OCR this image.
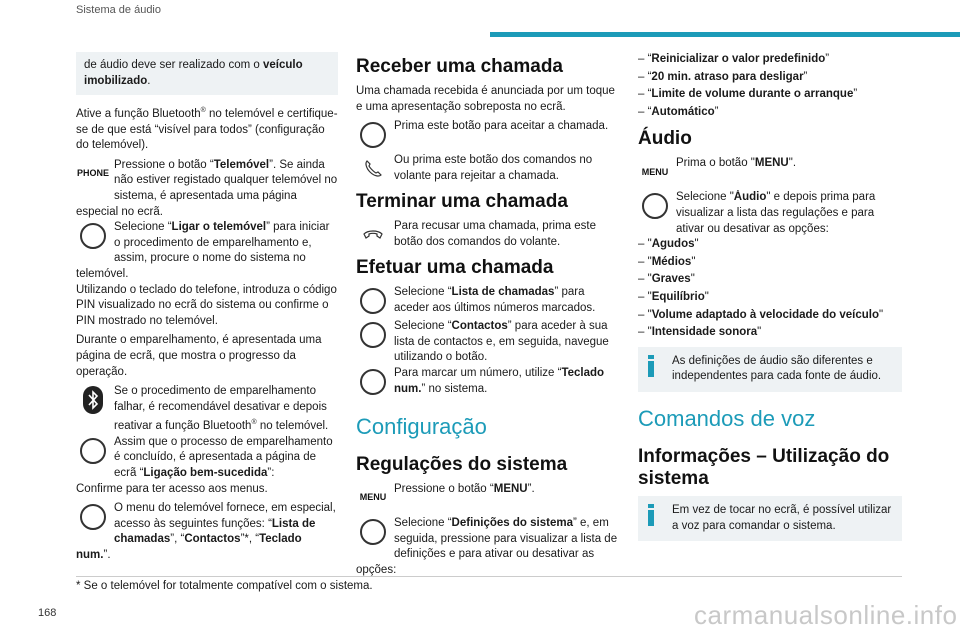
Sistema de áudio
de áudio deve ser realizado com o veículo imobilizado.

Ative a função Bluetooth® no telemóvel e certifique-se de que está “visível para todos” (configuração do telemóvel).

PHONE
Pressione o botão “Telemóvel”. Se ainda não estiver registado qualquer telemóvel no sistema, é apresentada uma página especial no ecrã.
Selecione “Ligar o telemóvel” para iniciar o procedimento de emparelhamento e, assim, procure o nome do sistema no telemóvel.

Utilizando o teclado do telefone, introduza o código PIN visualizado no ecrã do sistema ou confirme o PIN mostrado no telemóvel.

Durante o emparelhamento, é apresentada uma página de ecrã, que mostra o progresso da operação.

Se o procedimento de emparelhamento falhar, é recomendável desativar e depois reativar a função Bluetooth® no telemóvel.
Assim que o processo de emparelhamento é concluído, é apresentada a página de ecrã “Ligação bem-sucedida”:

Confirme para ter acesso aos menus.

O menu do telemóvel fornece, em especial, acesso às seguintes funções: “Lista de chamadas”, “Contactos”*, “Teclado num.”.
Receber uma chamada

Uma chamada recebida é anunciada por um toque e uma apresentação sobreposta no ecrã.

Prima este botão para aceitar a chamada.
Ou prima este botão dos comandos no volante para rejeitar a chamada.
Terminar uma chamada
Para recusar uma chamada, prima este botão dos comandos do volante.
Efetuar uma chamada
Selecione “Lista de chamadas” para aceder aos últimos números marcados.
Selecione “Contactos” para aceder à sua lista de contactos e, em seguida, navegue utilizando o botão.
Para marcar um número, utilize “Teclado num.” no sistema.
Configuração
Regulações do sistema
MENU
Pressione o botão “MENU”.
Selecione “Definições do sistema” e, em seguida, pressione para visualizar a lista de definições e para ativar ou desativar as opções:
– “Reinicializar o valor predefinido”
– “20 min. atraso para desligar”
– “Limite de volume durante o arranque”
– “Automático”
Áudio
MENU
Prima o botão "MENU".
Selecione "Áudio" e depois prima para visualizar a lista das regulações e para ativar ou desativar as opções:
– "Agudos"
– "Médios"
– "Graves"
– "Equilíbrio"
– "Volume adaptado à velocidade do veículo"
– "Intensidade sonora"
As definições de áudio são diferentes e independentes para cada fonte de áudio.
Comandos de voz
Informações – Utilização do sistema
Em vez de tocar no ecrã, é possível utilizar a voz para comandar o sistema.
* Se o telemóvel for totalmente compatível com o sistema.
168	carmanualsonline.info
